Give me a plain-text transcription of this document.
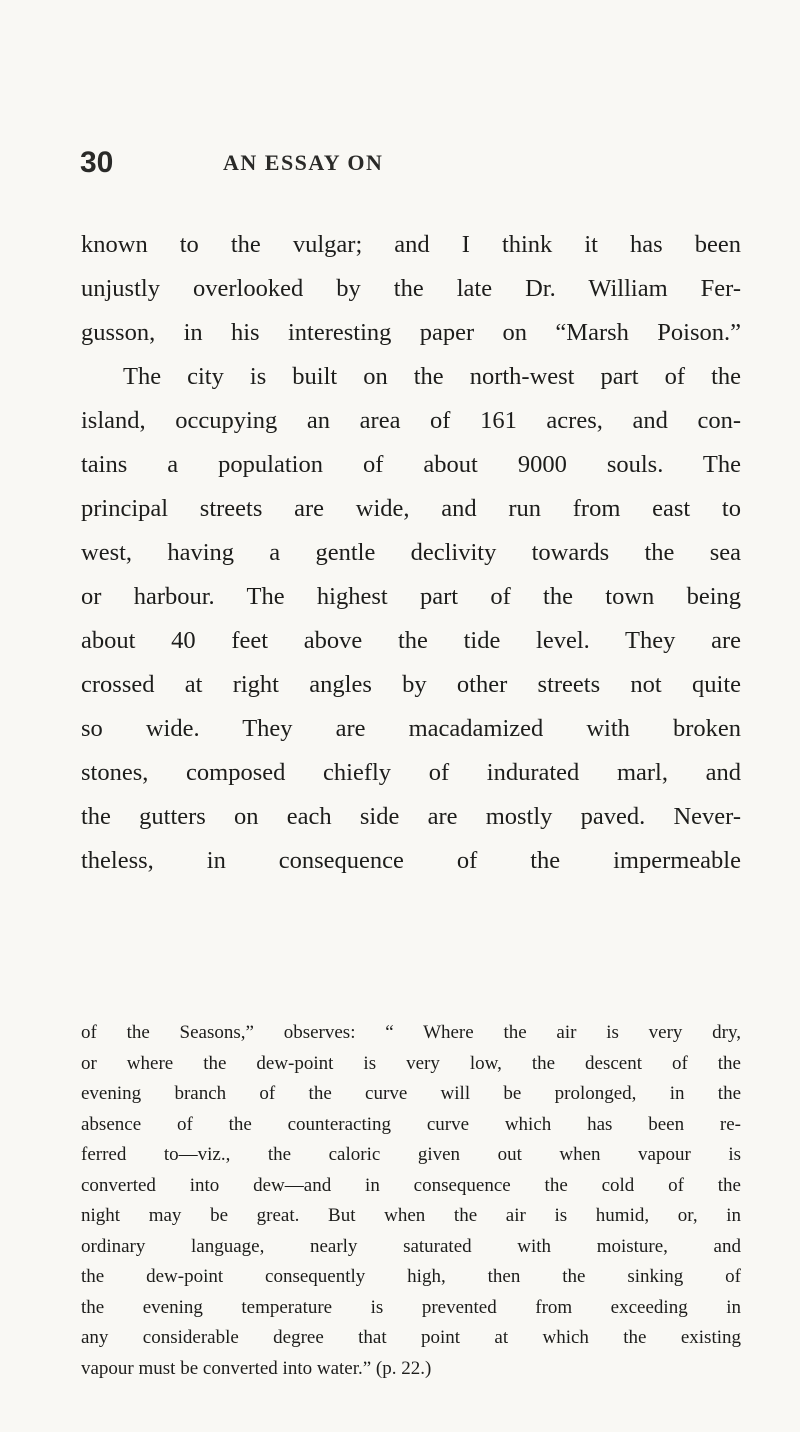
30	AN ESSAY ON
known to the vulgar; and I think it has been
unjustly overlooked by the late Dr. William Fer-
gusson, in his interesting paper on “Marsh Poison.”
The city is built on the north-west part of the
island, occupying an area of 161 acres, and con-
tains a population of about 9000 souls. The
principal streets are wide, and run from east to
west, having a gentle declivity towards the sea
or harbour. The highest part of the town being
about 40 feet above the tide level. They are
crossed at right angles by other streets not quite
so wide. They are macadamized with broken
stones, composed chiefly of indurated marl, and
the gutters on each side are mostly paved. Never-
theless, in consequence of the impermeable
of the Seasons,” observes: “ Where the air is very dry,
or where the dew-point is very low, the descent of the
evening branch of the curve will be prolonged, in the
absence of the counteracting curve which has been re-
ferred to—viz., the caloric given out when vapour is
converted into dew—and in consequence the cold of the
night may be great. But when the air is humid, or, in
ordinary language, nearly saturated with moisture, and
the dew-point consequently high, then the sinking of
the evening temperature is prevented from exceeding in
any considerable degree that point at which the existing
vapour must be converted into water.” (p. 22.)
